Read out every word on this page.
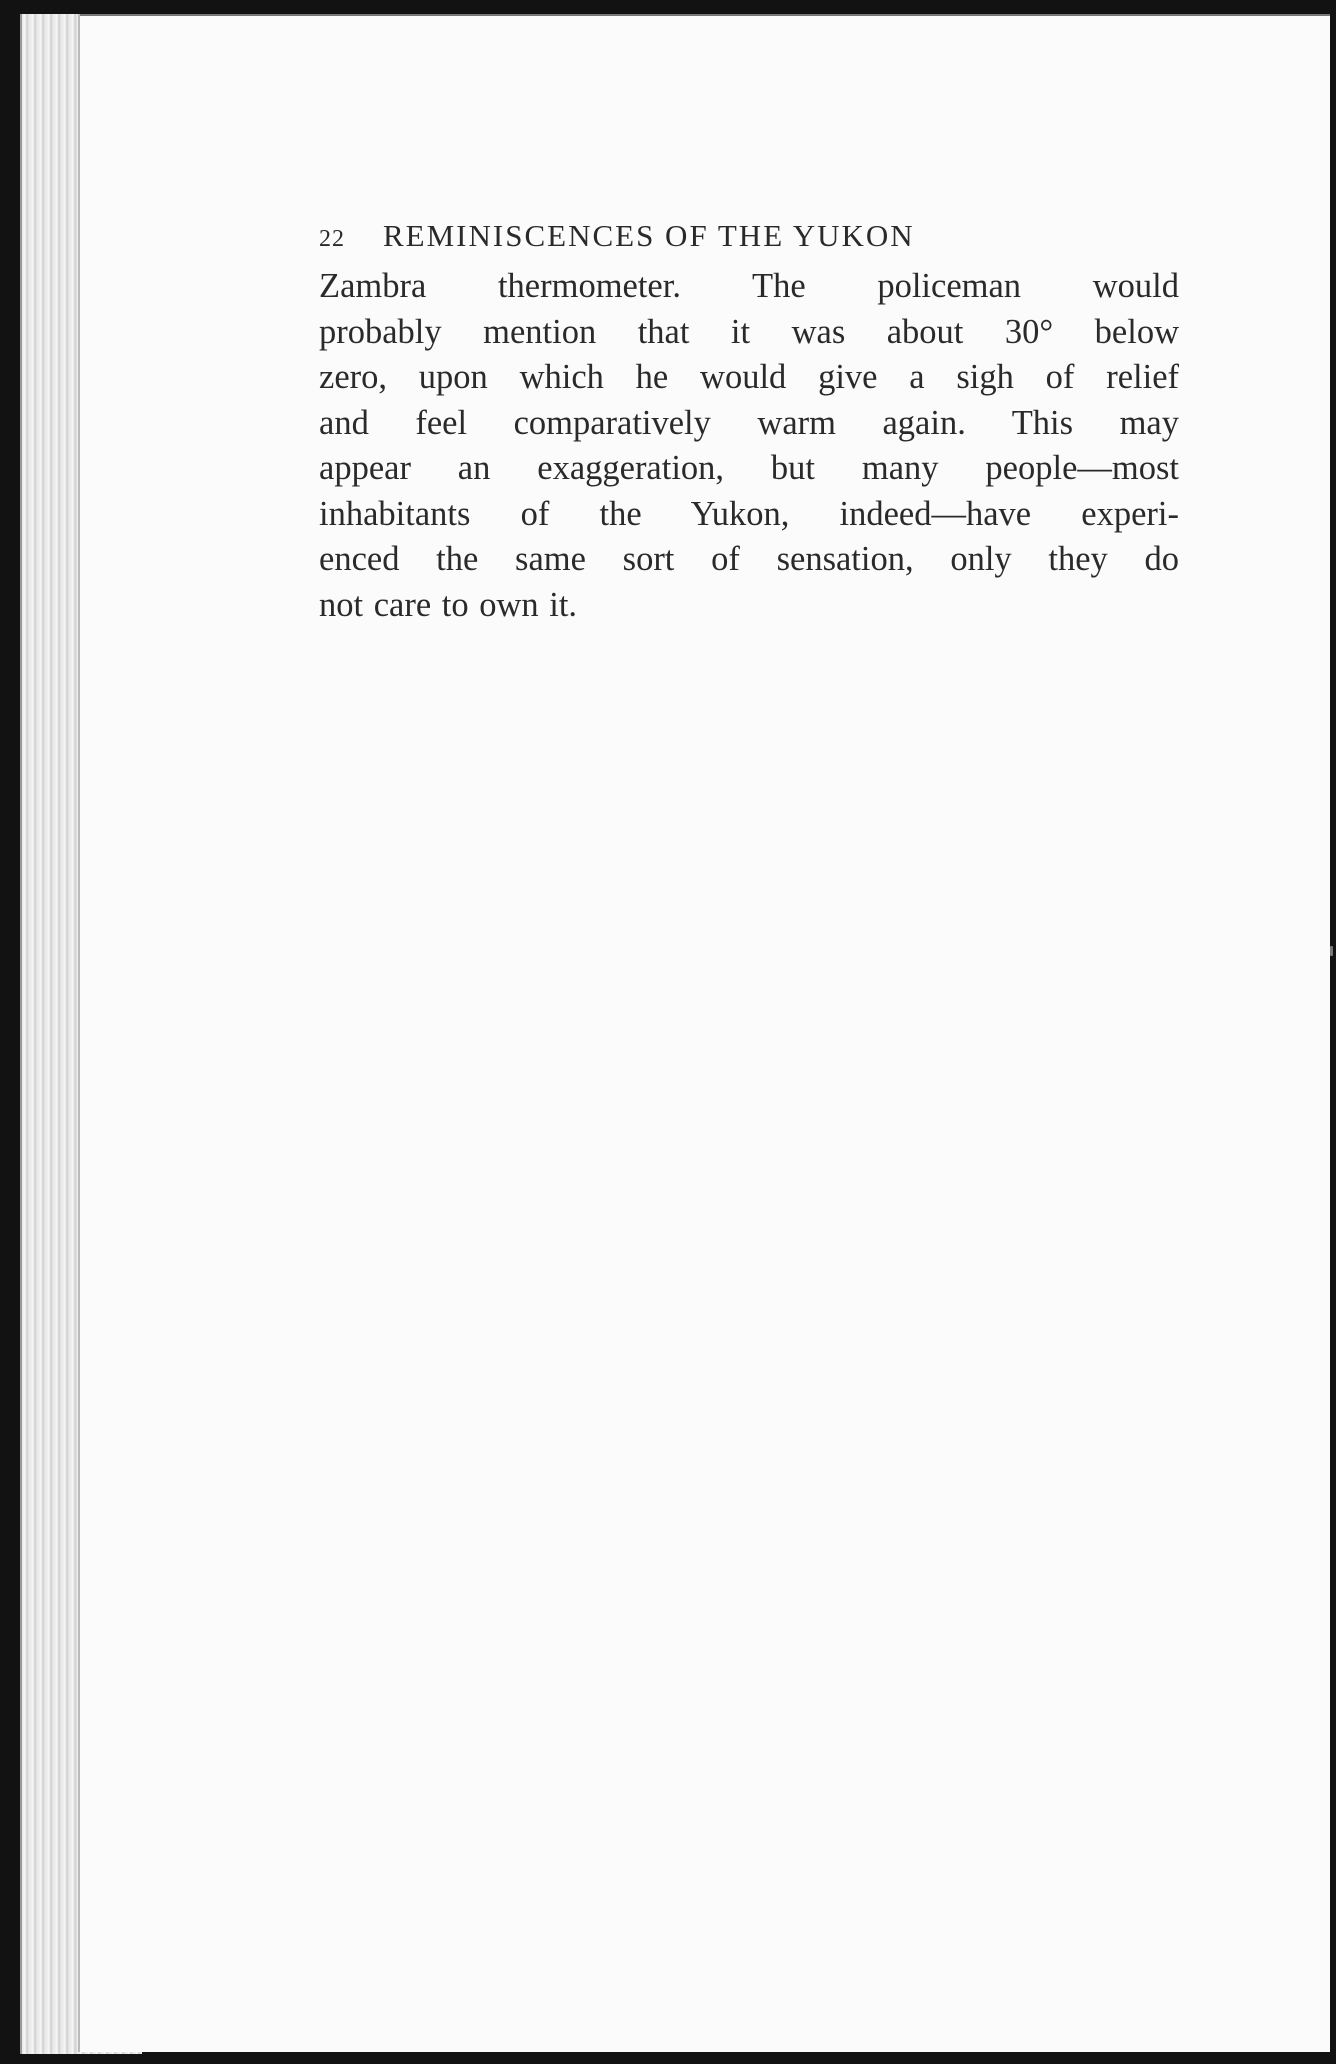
22	REMINISCENCES OF THE YUKON

Zambra thermometer. The policeman would
probably mention that it was about 30° below
zero, upon which he would give a sigh of relief
and feel comparatively warm again. This may
appear an exaggeration, but many people—most
inhabitants of the Yukon, indeed—have experi-
enced the same sort of sensation, only they do
not care to own it.
